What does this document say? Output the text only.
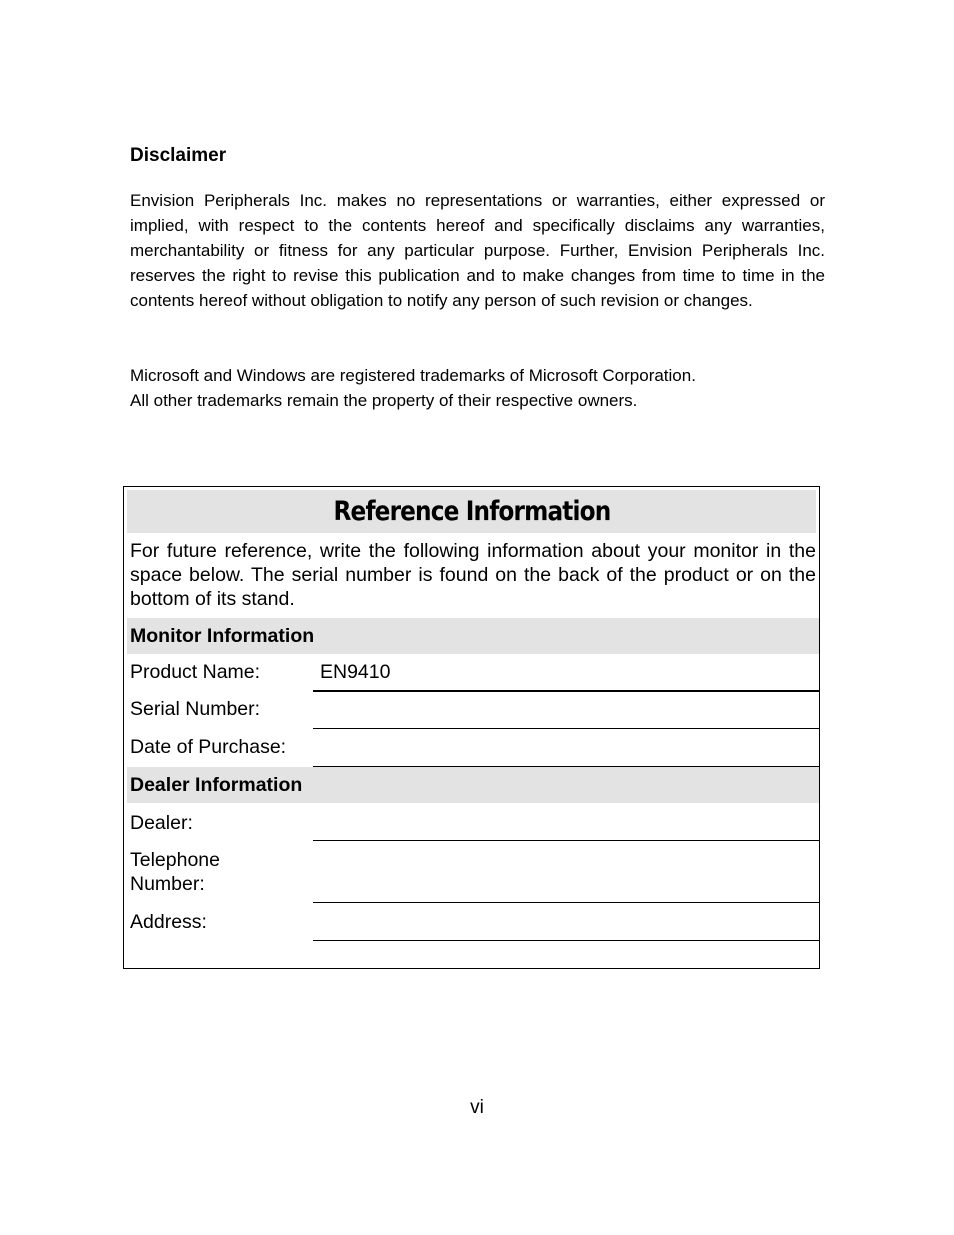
Disclaimer

Envision Peripherals Inc. makes no representations or warranties, either expressed or implied, with respect to the contents hereof and specifically disclaims any warranties, merchantability or fitness for any particular purpose. Further, Envision Peripherals Inc. reserves the right to revise this publication and to make changes from time to time in the contents hereof without obligation to notify any person of such revision or changes.

Microsoft and Windows are registered trademarks of Microsoft Corporation.

All other trademarks remain the property of their respective owners.

Reference Information

For future reference, write the following information about your monitor in the space below. The serial number is found on the back of the product or on the bottom of its stand.

Monitor Information

Product Name:	EN9410

Serial Number:

Date of Purchase:

Dealer Information

Dealer:

Telephone

Number:

Address:

vi
